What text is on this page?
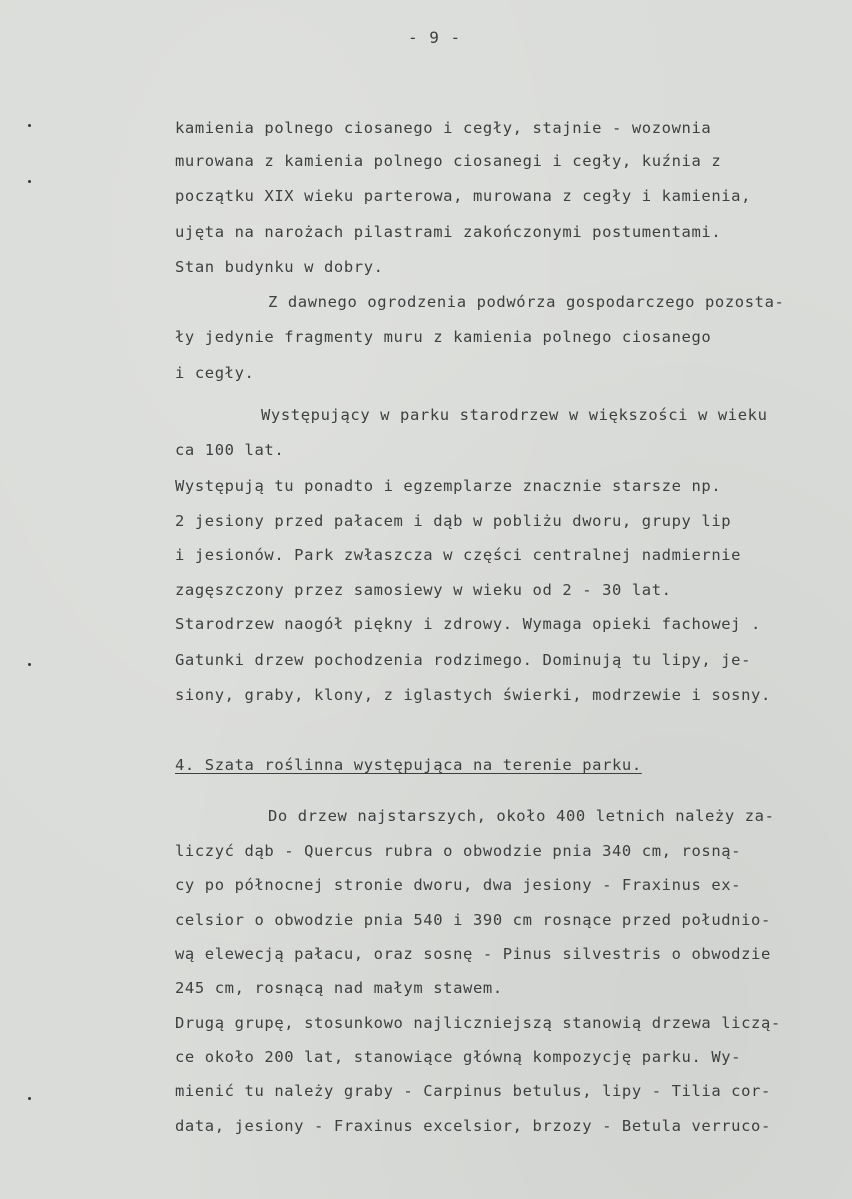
- 9 -
kamienia polnego ciosanego i cegły, stajnie - wozownia
murowana z kamienia polnego ciosanegi i cegły, kuźnia z
początku XIX wieku parterowa, murowana z cegły i kamienia,
ujęta na narożach pilastrami zakończonymi postumentami.
Stan budynku w dobry.
Z dawnego ogrodzenia podwórza gospodarczego pozosta-
ły jedynie fragmenty muru z kamienia polnego ciosanego
i cegły.
Występujący w parku starodrzew w większości w wieku
ca 100 lat.
Występują tu ponadto i egzemplarze znacznie starsze np.
2 jesiony przed pałacem i dąb w pobliżu dworu, grupy lip
i jesionów. Park zwłaszcza w części centralnej nadmiernie
zagęszczony przez samosiewy w wieku od 2 - 30 lat.
Starodrzew naogół piękny i zdrowy. Wymaga opieki fachowej .
Gatunki drzew pochodzenia rodzimego. Dominują tu lipy, je-
siony, graby, klony, z iglastych świerki, modrzewie i sosny.
4. Szata roślinna występująca na terenie parku.
Do drzew najstarszych, około 400 letnich należy za-
liczyć dąb - Quercus rubra o obwodzie pnia 340 cm, rosną-
cy po północnej stronie dworu, dwa jesiony - Fraxinus ex-
celsior o obwodzie pnia 540 i 390 cm rosnące przed południo-
wą elewecją pałacu, oraz sosnę - Pinus silvestris o obwodzie
245 cm, rosnącą nad małym stawem.
Drugą grupę, stosunkowo najliczniejszą stanowią drzewa liczą-
ce około 200 lat, stanowiące główną kompozycję parku. Wy-
mienić tu należy graby - Carpinus betulus, lipy - Tilia cor-
data, jesiony - Fraxinus excelsior, brzozy - Betula verruco-
